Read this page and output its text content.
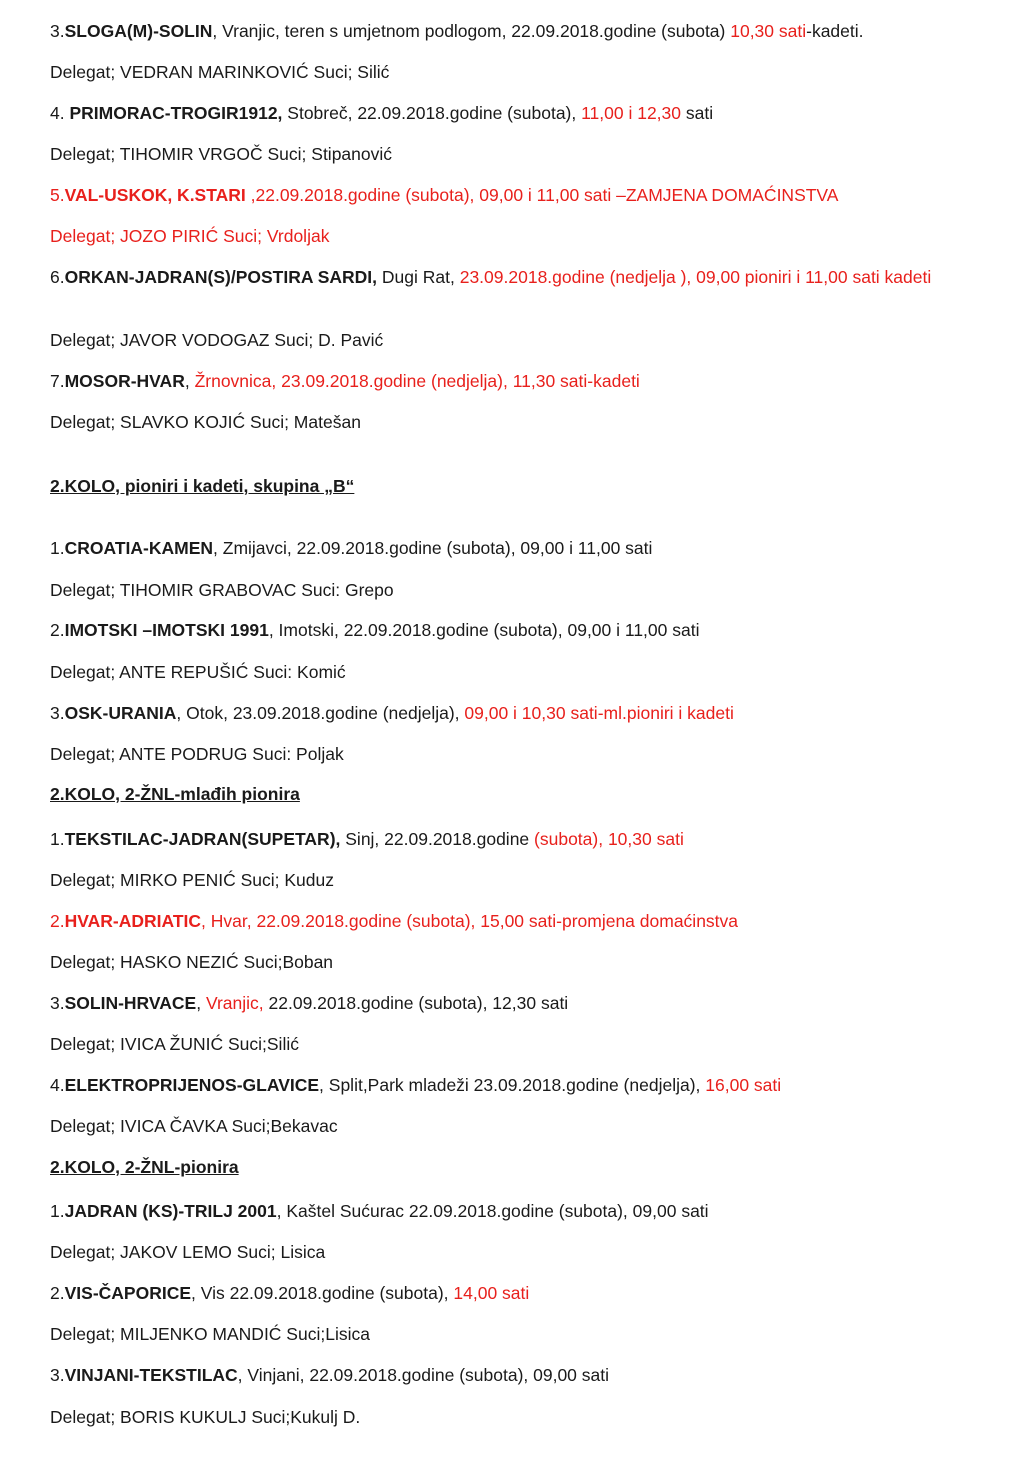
3.SLOGA(M)-SOLIN, Vranjic, teren s umjetnom podlogom, 22.09.2018.godine (subota) 10,30 sati-kadeti.
Delegat; VEDRAN MARINKOVIĆ Suci; Silić
4. PRIMORAC-TROGIR1912, Stobreč, 22.09.2018.godine (subota), 11,00 i 12,30 sati
Delegat; TIHOMIR VRGOČ Suci; Stipanović
5.VAL-USKOK, K.STARI ,22.09.2018.godine (subota), 09,00 i 11,00 sati –ZAMJENA DOMAĆINSTVA
Delegat; JOZO PIRIĆ Suci; Vrdoljak
6.ORKAN-JADRAN(S)/POSTIRA SARDI, Dugi Rat, 23.09.2018.godine (nedjelja ), 09,00 pioniri i 11,00 sati kadeti
Delegat; JAVOR VODOGAZ Suci; D. Pavić
7.MOSOR-HVAR, Žrnovnica, 23.09.2018.godine (nedjelja), 11,30 sati-kadeti
Delegat; SLAVKO KOJIĆ Suci; Matešan
2.KOLO, pioniri i kadeti, skupina „B“
1.CROATIA-KAMEN, Zmijavci, 22.09.2018.godine (subota), 09,00 i 11,00 sati
Delegat; TIHOMIR GRABOVAC Suci: Grepo
2.IMOTSKI –IMOTSKI 1991, Imotski, 22.09.2018.godine (subota), 09,00 i 11,00 sati
Delegat; ANTE REPUŠIĆ Suci: Komić
3.OSK-URANIA, Otok, 23.09.2018.godine (nedjelja), 09,00 i 10,30 sati-ml.pioniri i kadeti
Delegat; ANTE PODRUG Suci: Poljak
2.KOLO, 2-ŽNL-mlađih pionira
1.TEKSTILAC-JADRAN(SUPETAR), Sinj, 22.09.2018.godine (subota), 10,30 sati
Delegat; MIRKO PENIĆ Suci; Kuduz
2.HVAR-ADRIATIC, Hvar, 22.09.2018.godine (subota), 15,00 sati-promjena domaćinstva
Delegat; HASKO NEZIĆ Suci;Boban
3.SOLIN-HRVACE, Vranjic, 22.09.2018.godine (subota), 12,30 sati
Delegat; IVICA ŽUNIĆ Suci;Silić
4.ELEKTROPRIJENOS-GLAVICE, Split,Park mladeži 23.09.2018.godine (nedjelja), 16,00 sati
Delegat; IVICA ČAVKA Suci;Bekavac
2.KOLO, 2-ŽNL-pionira
1.JADRAN (KS)-TRILJ 2001, Kaštel Sućurac 22.09.2018.godine (subota), 09,00 sati
Delegat; JAKOV LEMO Suci; Lisica
2.VIS-ČAPORICE, Vis 22.09.2018.godine (subota), 14,00 sati
Delegat; MILJENKO MANDIĆ Suci;Lisica
3.VINJANI-TEKSTILAC, Vinjani, 22.09.2018.godine (subota), 09,00 sati
Delegat; BORIS KUKULJ Suci;Kukulj D.
